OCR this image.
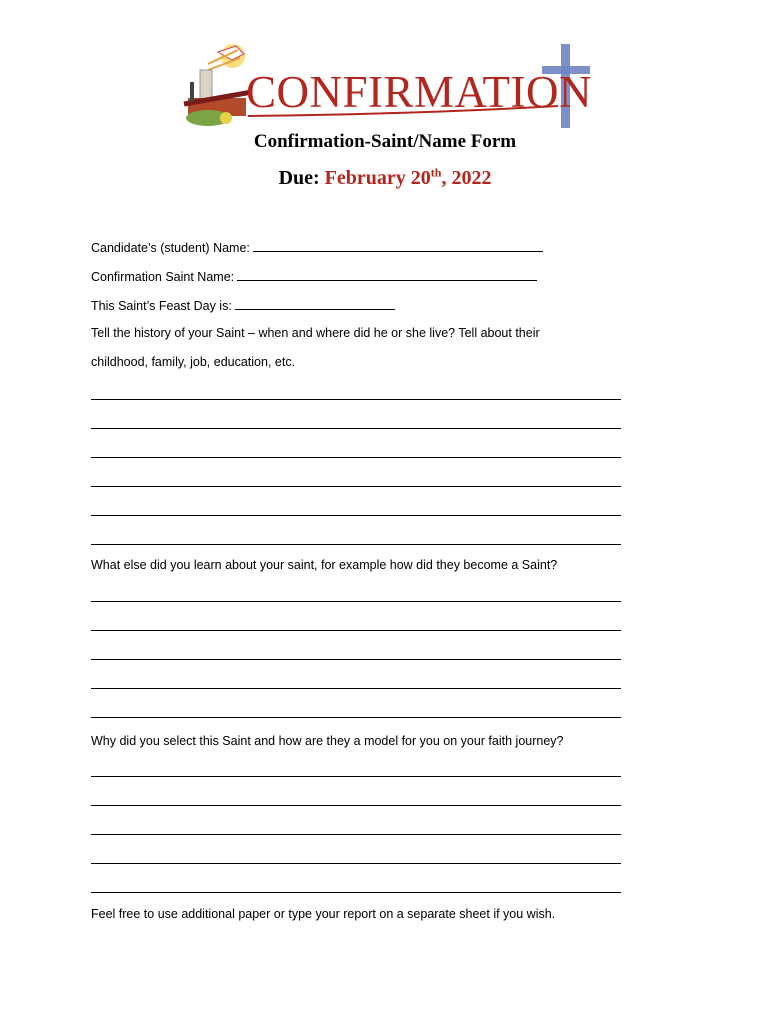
CONFIRMATION
Confirmation-Saint/Name Form
Due: February 20th, 2022
Candidate’s (student) Name:
Confirmation Saint Name:
This Saint’s Feast Day is:
Tell the history of your Saint – when and where did he or she live? Tell about their
childhood, family, job, education, etc.
What else did you learn about your saint, for example how did they become a Saint?
Why did you select this Saint and how are they a model for you on your faith journey?
Feel free to use additional paper or type your report on a separate sheet if you wish.
